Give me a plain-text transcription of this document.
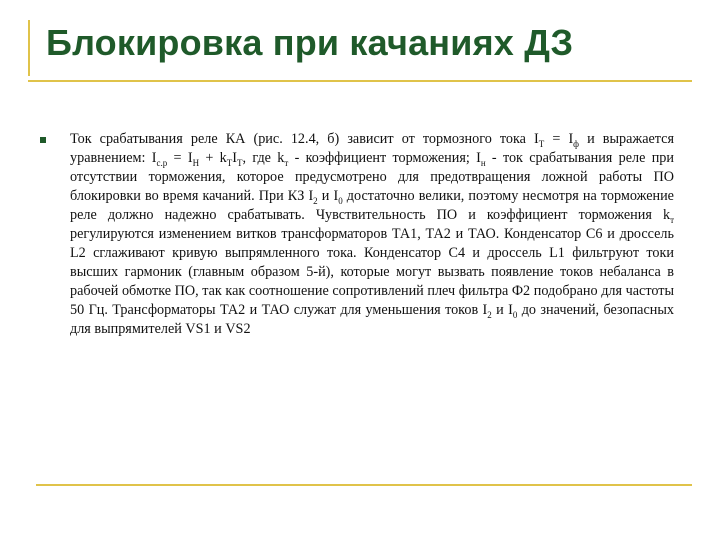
Блокировка при качаниях ДЗ

Ток срабатывания реле КА (рис. 12.4, б) зависит от тормозного тока $I_Т = I_ф$ и выражается уравнением: $I_{с.р} = I_Н + k_ТI_Т$, где $k_т$ - коэффициент торможения; $I_н$ - ток срабатывания реле при отсутствии торможения, которое предусмотрено для предотвращения ложной работы ПО блокировки во время качаний. При КЗ $I_2$ и $I_0$ достаточно велики, поэтому несмотря на торможение реле должно надежно срабатывать. Чувствительность ПО и коэффициент торможения $k_т$ регулируются изменением витков трансформаторов ТА1, ТА2 и ТАО. Конденсатор С6 и дроссель L2 сглаживают кривую выпрямленного тока. Конденсатор С4 и дроссель L1 фильтруют токи высших гармоник (главным образом 5-й), которые могут вызвать появление токов небаланса в рабочей обмотке ПО, так как соотношение сопротивлений плеч фильтра Ф2 подобрано для частоты 50 Гц. Трансформаторы ТА2 и ТАО служат для уменьшения токов $I_2$ и $I_0$ до значений, безопасных для выпрямителей VS1 и VS2
